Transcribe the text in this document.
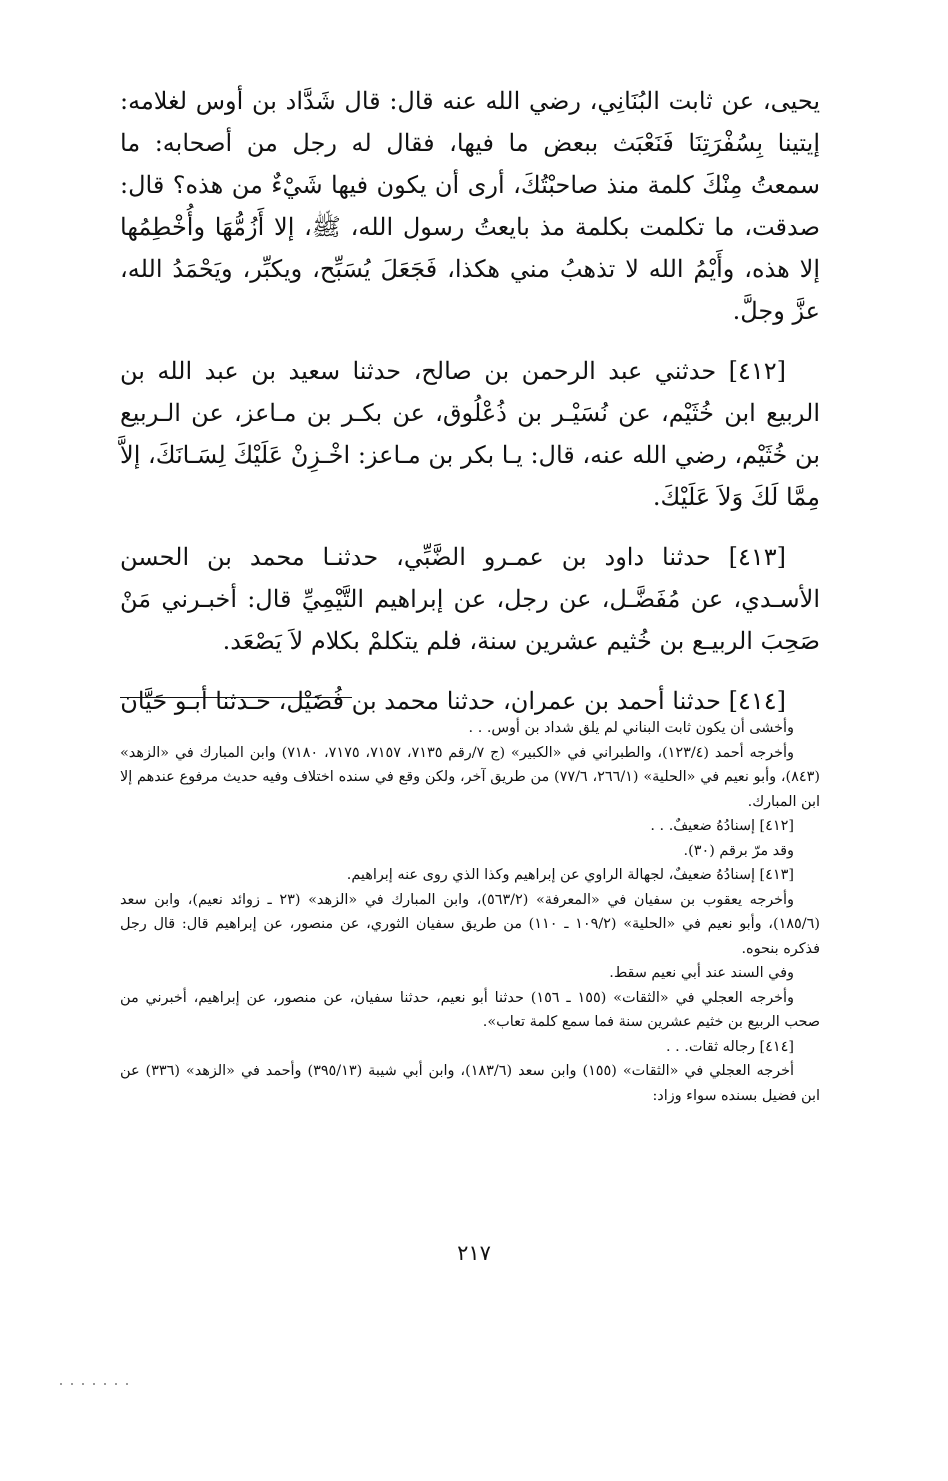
يحيى، عن ثابت البُنَانِي، رضي الله عنه قال: قال شَدَّاد بن أوس لغلامه: إيتينا بِسُفْرَتِنَا فَنَعْبَث ببعض ما فيها، فقال له رجل من أصحابه: ما سمعتُ مِنْكَ كلمة منذ صاحبْتُكَ، أرى أن يكون فيها شَيْءٌ من هذه؟ قال: صدقت، ما تكلمت بكلمة مذ بايعتُ رسول الله، ﷺ، إلا أَزُمُّهَا وأُخْطِمُها إلا هذه، وأَيْمُ الله لا تذهبُ مني هكذا، فَجَعَلَ يُسَبِّح، ويكبِّر، ويَحْمَدُ الله، عزَّ وجلَّ.

[٤١٢] حدثني عبد الرحمن بن صالح، حدثنا سعيد بن عبد الله بن الربيع ابن خُثَيْم، عن نُسَيْـر بن ذُعْلُوق، عن بكـر بن مـاعز، عن الـربيع بن خُثَيْم، رضي الله عنه، قال: يـا بكر بن مـاعز: اخْـزِنْ عَلَيْكَ لِسَـانَكَ، إلاَّ مِمَّا لَكَ وَلاَ عَلَيْكَ.

[٤١٣] حدثنا داود بن عمـرو الضَّبِّي، حدثنـا محمد بن الحسن الأسـدي، عن مُفَضَّـل، عن رجل، عن إبراهيم التَّيْمِيِّ قال: أخبـرني مَنْ صَحِبَ الربيـع بن خُثيم عشرين سنة، فلم يتكلمْ بكلام لاَ يَصْعَد.

[٤١٤] حدثنا أحمد بن عمران، حدثنا محمد بن فُضَيْل، حـدثنا أبـو حَيَّان

وأخشى أن يكون ثابت البناني لم يلق شداد بن أوس. . .

وأخرجه أحمد (١٢٣/٤)، والطبراني في «الكبير» (ج ٧/رقم ٧١٣٥، ٧١٥٧، ٧١٧٥، ٧١٨٠) وابن المبارك في «الزهد» (٨٤٣)، وأبو نعيم في «الحلية» (٢٦٦/١، ٧٧/٦) من طريق آخر، ولكن وقع في سنده اختلاف وفيه حديث مرفوع عندهم إلا ابن المبارك.

[٤١٢] إسنادُهُ ضعيفٌ. . .

وقد مرّ برقم (٣٠).

[٤١٣] إسنادُهُ ضعيفٌ، لجهالة الراوي عن إبراهيم وكذا الذي روى عنه إبراهيم.

وأخرجه يعقوب بن سفيان في «المعرفة» (٥٦٣/٢)، وابن المبارك في «الزهد» (٢٣ ـ زوائد نعيم)، وابن سعد (١٨٥/٦)، وأبو نعيم في «الحلية» (١٠٩/٢ ـ ١١٠) من طريق سفيان الثوري، عن منصور، عن إبراهيم قال: قال رجل فذكره بنحوه.

وفي السند عند أبي نعيم سقط.

وأخرجه العجلي في «الثقات» (١٥٥ ـ ١٥٦) حدثنا أبو نعيم، حدثنا سفيان، عن منصور، عن إبراهيم، أخبرني من صحب الربيع بن خثيم عشرين سنة فما سمع كلمة تعاب».

[٤١٤] رجاله ثقات. . .

أخرجه العجلي في «الثقات» (١٥٥) وابن سعد (١٨٣/٦)، وابن أبي شيبة (٣٩٥/١٣) وأحمد في «الزهد» (٣٣٦) عن ابن فضيل بسنده سواء وزاد:

٢١٧
